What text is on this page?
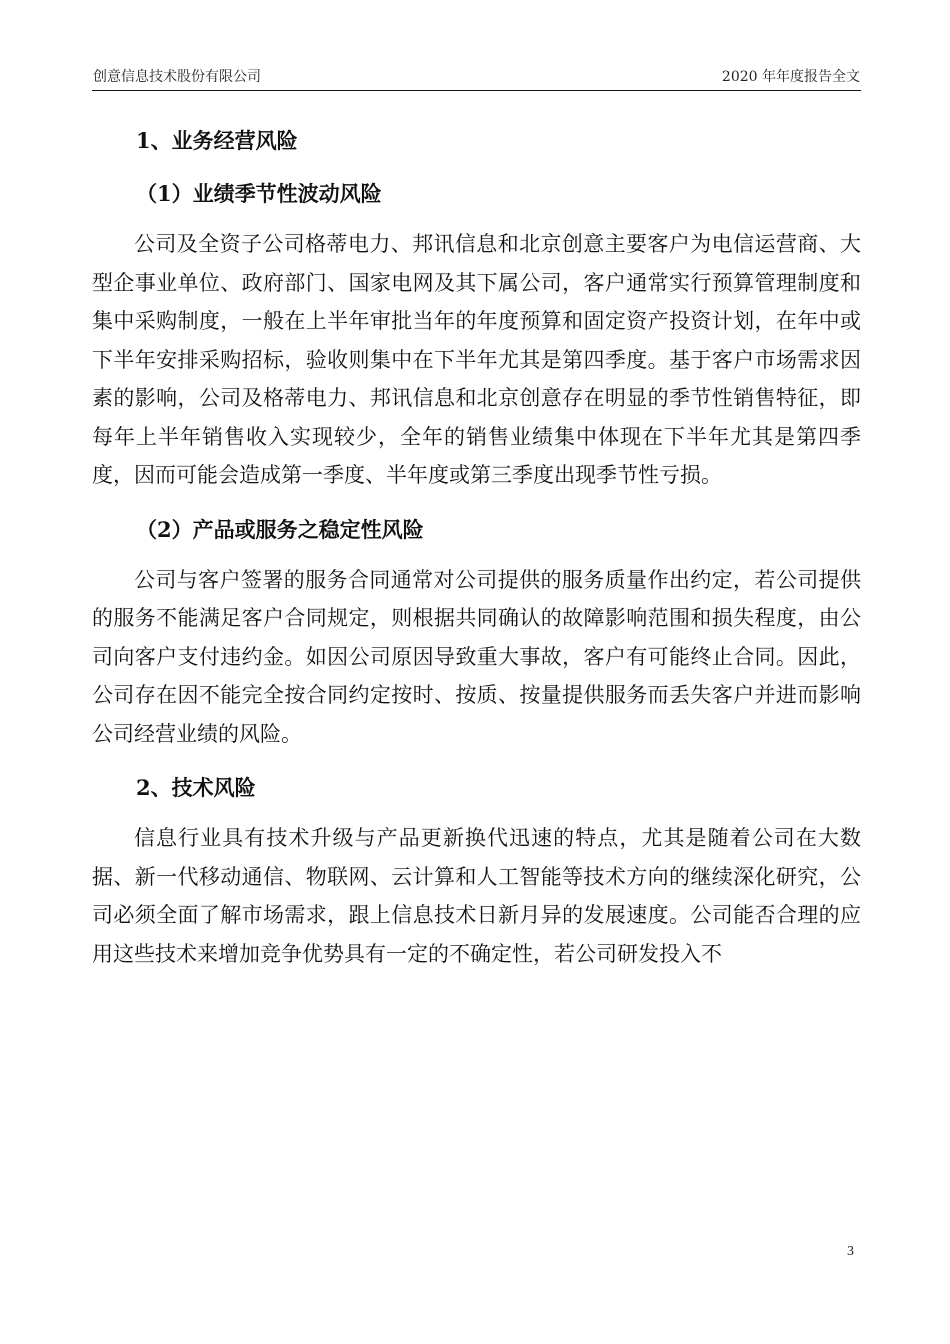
创意信息技术股份有限公司	2020 年年度报告全文

1、业务经营风险

（1）业绩季节性波动风险

公司及全资子公司格蒂电力、邦讯信息和北京创意主要客户为电信运营商、大型企事业单位、政府部门、国家电网及其下属公司，客户通常实行预算管理制度和集中采购制度，一般在上半年审批当年的年度预算和固定资产投资计划，在年中或下半年安排采购招标，验收则集中在下半年尤其是第四季度。基于客户市场需求因素的影响，公司及格蒂电力、邦讯信息和北京创意存在明显的季节性销售特征，即每年上半年销售收入实现较少，全年的销售业绩集中体现在下半年尤其是第四季度，因而可能会造成第一季度、半年度或第三季度出现季节性亏损。

（2）产品或服务之稳定性风险

公司与客户签署的服务合同通常对公司提供的服务质量作出约定，若公司提供的服务不能满足客户合同规定，则根据共同确认的故障影响范围和损失程度，由公司向客户支付违约金。如因公司原因导致重大事故，客户有可能终止合同。因此，公司存在因不能完全按合同约定按时、按质、按量提供服务而丢失客户并进而影响公司经营业绩的风险。

2、技术风险

信息行业具有技术升级与产品更新换代迅速的特点，尤其是随着公司在大数据、新一代移动通信、物联网、云计算和人工智能等技术方向的继续深化研究，公司必须全面了解市场需求，跟上信息技术日新月异的发展速度。公司能否合理的应用这些技术来增加竞争优势具有一定的不确定性，若公司研发投入不

3
